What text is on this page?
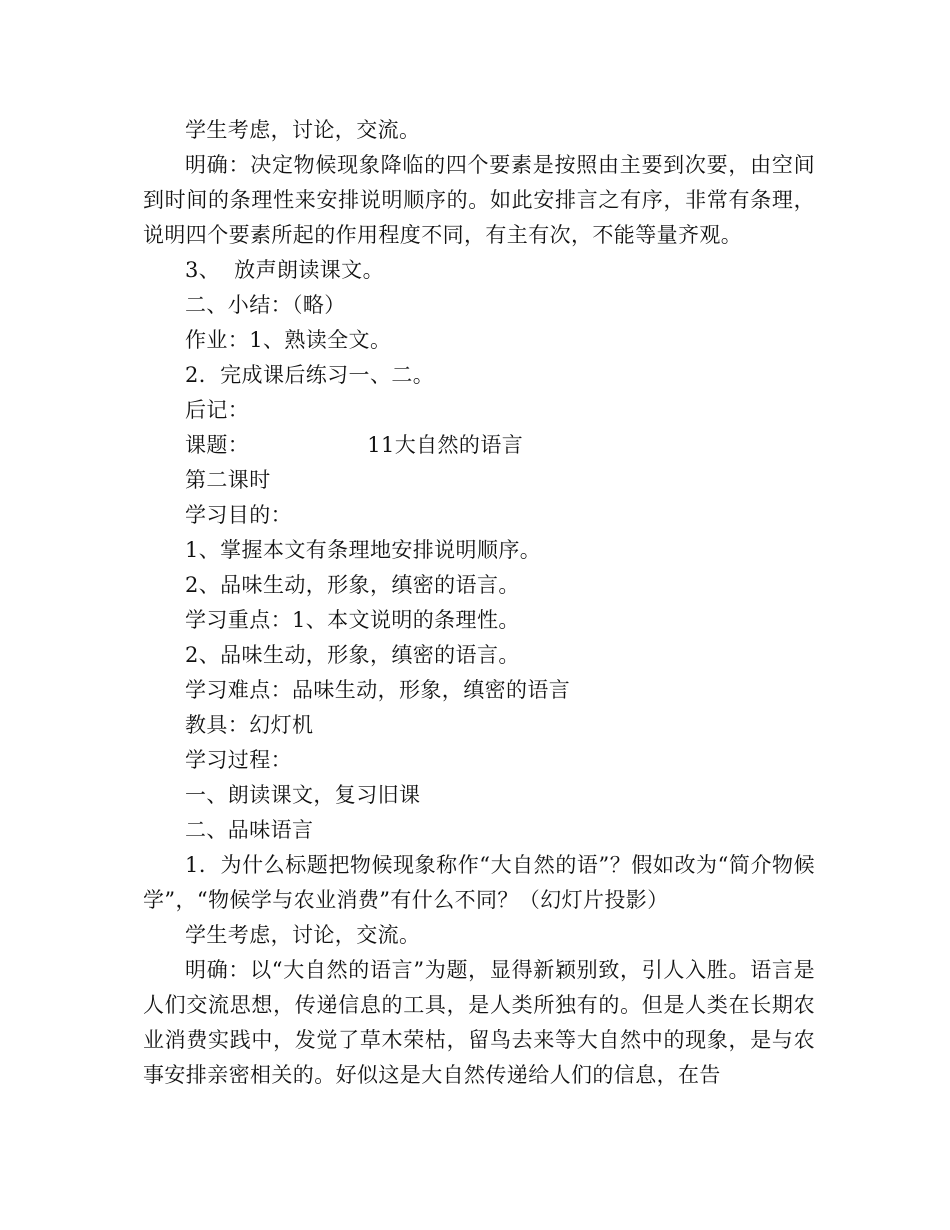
学生考虑，讨论，交流。

明确：决定物候现象降临的四个要素是按照由主要到次要，由空间到时间的条理性来安排说明顺序的。如此安排言之有序，非常有条理，说明四个要素所起的作用程度不同，有主有次，不能等量齐观。

3、 放声朗读课文。

二、小结：（略）

作业：1、熟读全文。

2．完成课后练习一、二。

后记：

课题：	11大自然的语言

第二课时

学习目的：

1、掌握本文有条理地安排说明顺序。

2、品味生动，形象，缜密的语言。

学习重点：1、本文说明的条理性。

2、品味生动，形象，缜密的语言。

学习难点：品味生动，形象，缜密的语言

教具：幻灯机

学习过程：

一、朗读课文，复习旧课

二、品味语言

1．为什么标题把物候现象称作“大自然的语”？假如改为“简介物候学”，“物候学与农业消费”有什么不同？（幻灯片投影）

学生考虑，讨论，交流。

明确：以“大自然的语言”为题，显得新颖别致，引人入胜。语言是人们交流思想，传递信息的工具，是人类所独有的。但是人类在长期农业消费实践中，发觉了草木荣枯，留鸟去来等大自然中的现象，是与农事安排亲密相关的。好似这是大自然传递给人们的信息，在告
